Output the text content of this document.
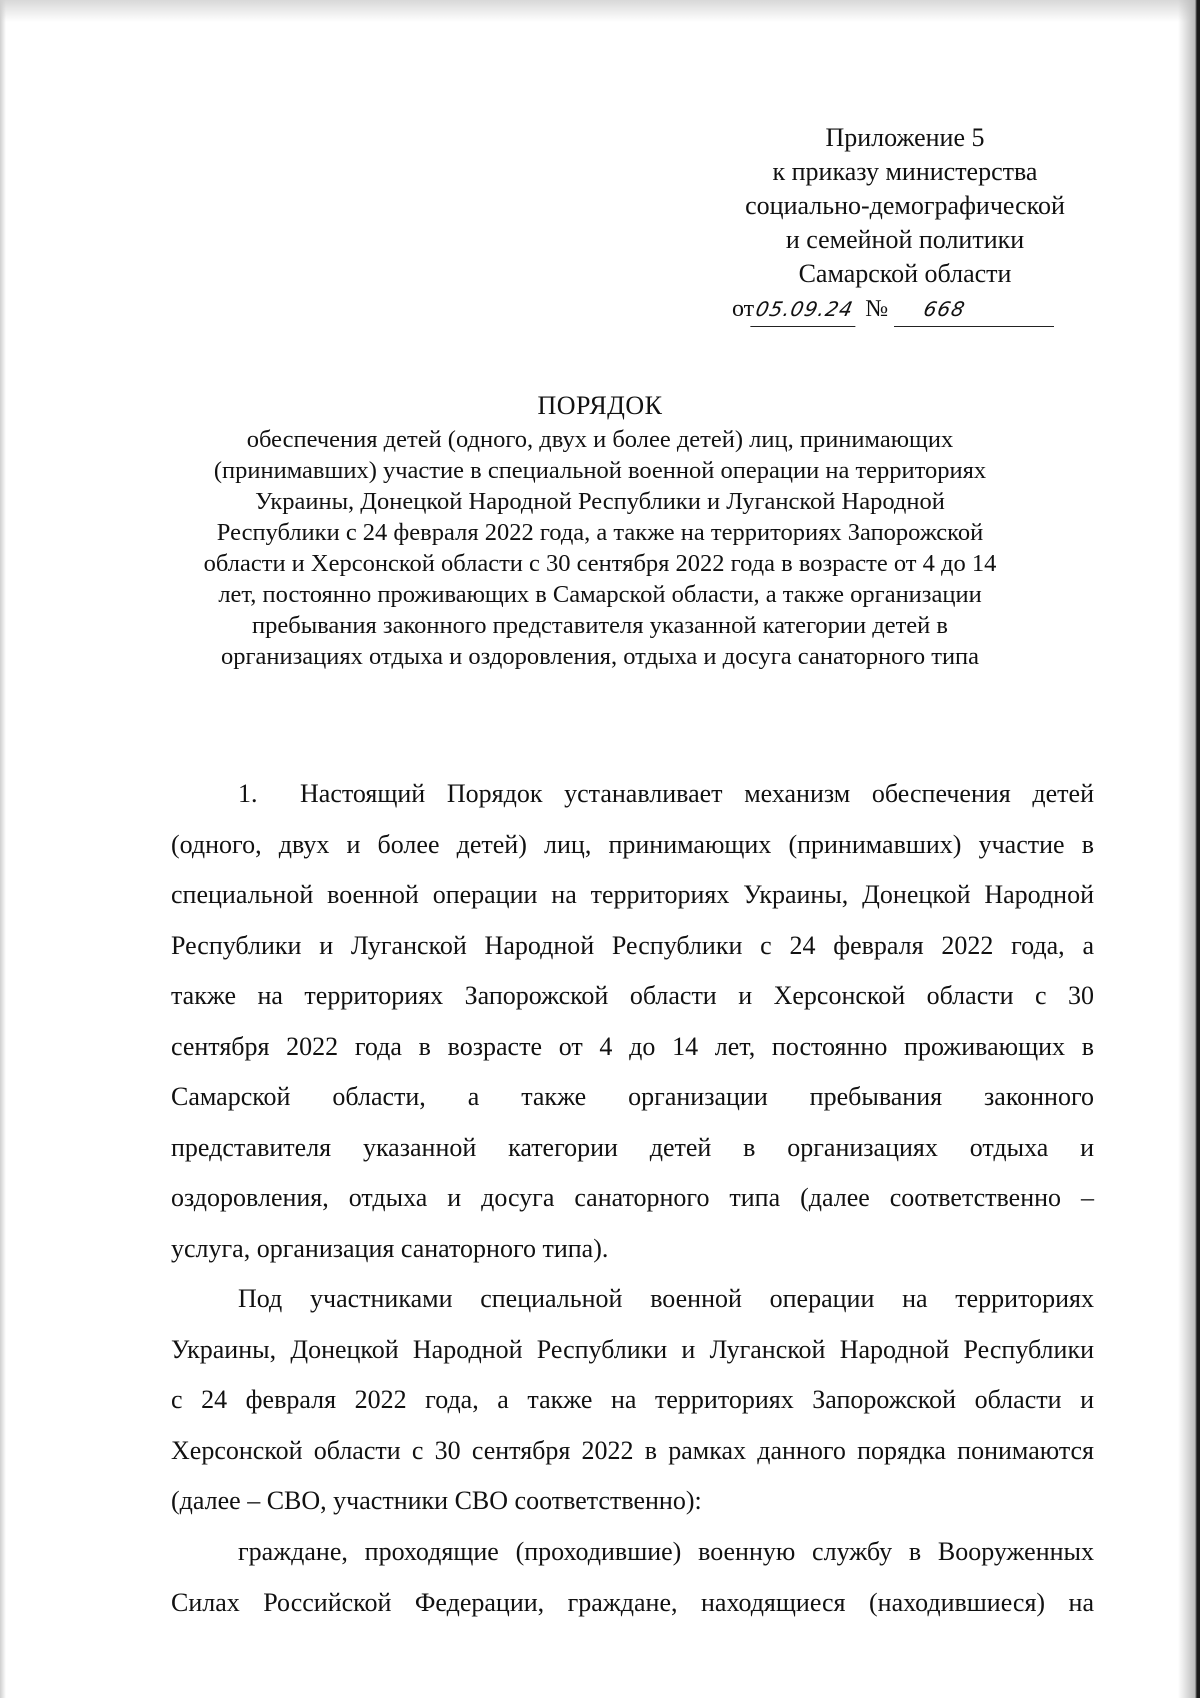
Приложение 5
к приказу министерства
социально-демографической
и семейной политики
Самарской области
от05.09.24 № 668
ПОРЯДОК
обеспечения детей (одного, двух и более детей) лиц, принимающих
(принимавших) участие в специальной военной операции на территориях
Украины, Донецкой Народной Республики и Луганской Народной
Республики с 24 февраля 2022 года, а также на территориях Запорожской
области и Херсонской области с 30 сентября 2022 года в возрасте от 4 до 14
лет, постоянно проживающих в Самарской области, а также организации
пребывания законного представителя указанной категории детей в
организациях отдыха и оздоровления, отдыха и досуга санаторного типа
1. Настоящий Порядок устанавливает механизм обеспечения детей
(одного, двух и более детей) лиц, принимающих (принимавших) участие в
специальной военной операции на территориях Украины, Донецкой Народной
Республики и Луганской Народной Республики с 24 февраля 2022 года, а
также на территориях Запорожской области и Херсонской области с 30
сентября 2022 года в возрасте от 4 до 14 лет, постоянно проживающих в
Самарской области, а также организации пребывания законного
представителя указанной категории детей в организациях отдыха и
оздоровления, отдыха и досуга санаторного типа (далее соответственно –
услуга, организация санаторного типа).
Под участниками специальной военной операции на территориях
Украины, Донецкой Народной Республики и Луганской Народной Республики
с 24 февраля 2022 года, а также на территориях Запорожской области и
Херсонской области с 30 сентября 2022 в рамках данного порядка понимаются
(далее – СВО, участники СВО соответственно):
граждане, проходящие (проходившие) военную службу в Вооруженных
Силах Российской Федерации, граждане, находящиеся (находившиеся) на
